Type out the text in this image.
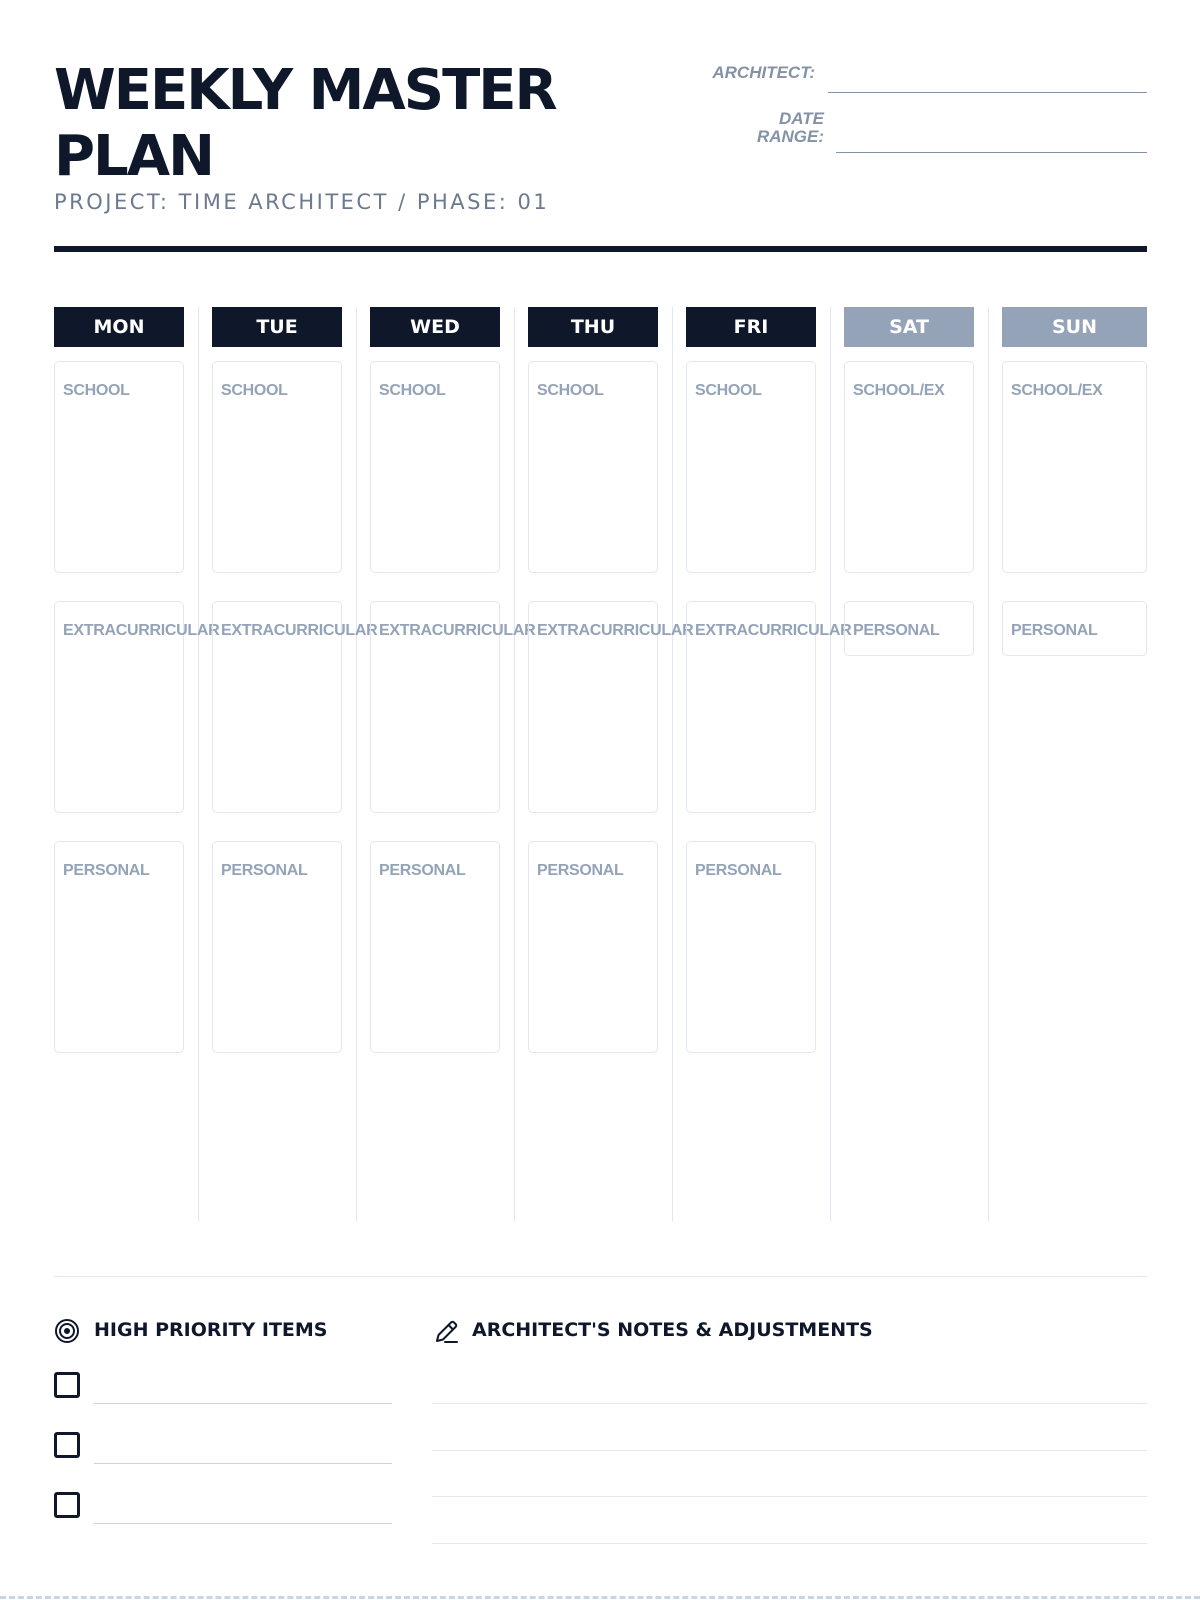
WEEKLY MASTER PLAN
PROJECT: TIME ARCHITECT / PHASE: 01
ARCHITECT:
DATE
RANGE:
MON
SCHOOL
EXTRACURRICULAR
PERSONAL
TUE
SCHOOL
EXTRACURRICULAR
PERSONAL
WED
SCHOOL
EXTRACURRICULAR
PERSONAL
THU
SCHOOL
EXTRACURRICULAR
PERSONAL
FRI
SCHOOL
EXTRACURRICULAR
PERSONAL
SAT
SCHOOL/EX
PERSONAL
SUN
SCHOOL/EX
PERSONAL
HIGH PRIORITY ITEMS	ARCHITECT'S NOTES & ADJUSTMENTS
